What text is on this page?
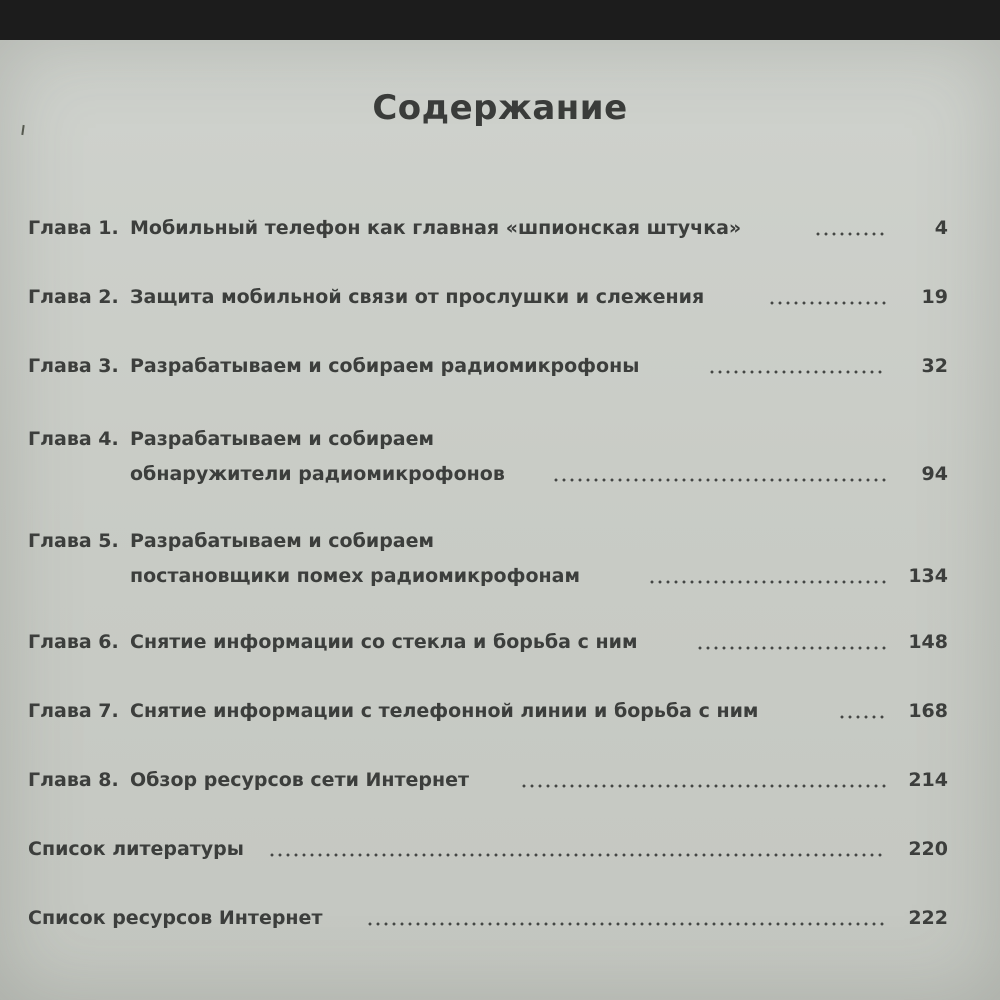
Содержание
Глава 1. Мобильный телефон как главная «шпионская штучка»	4
Глава 2. Защита мобильной связи от прослушки и слежения	19
Глава 3. Разрабатываем и собираем радиомикрофоны	32
Глава 4. Разрабатываем и собираем
обнаружители радиомикрофонов	94
Глава 5. Разрабатываем и собираем
постановщики помех радиомикрофонам	134
Глава 6. Снятие информации со стекла и борьба с ним	148
Глава 7. Снятие информации с телефонной линии и борьба с ним	168
Глава 8. Обзор ресурсов сети Интернет	214
Список литературы	220
Список ресурсов Интернет	222
